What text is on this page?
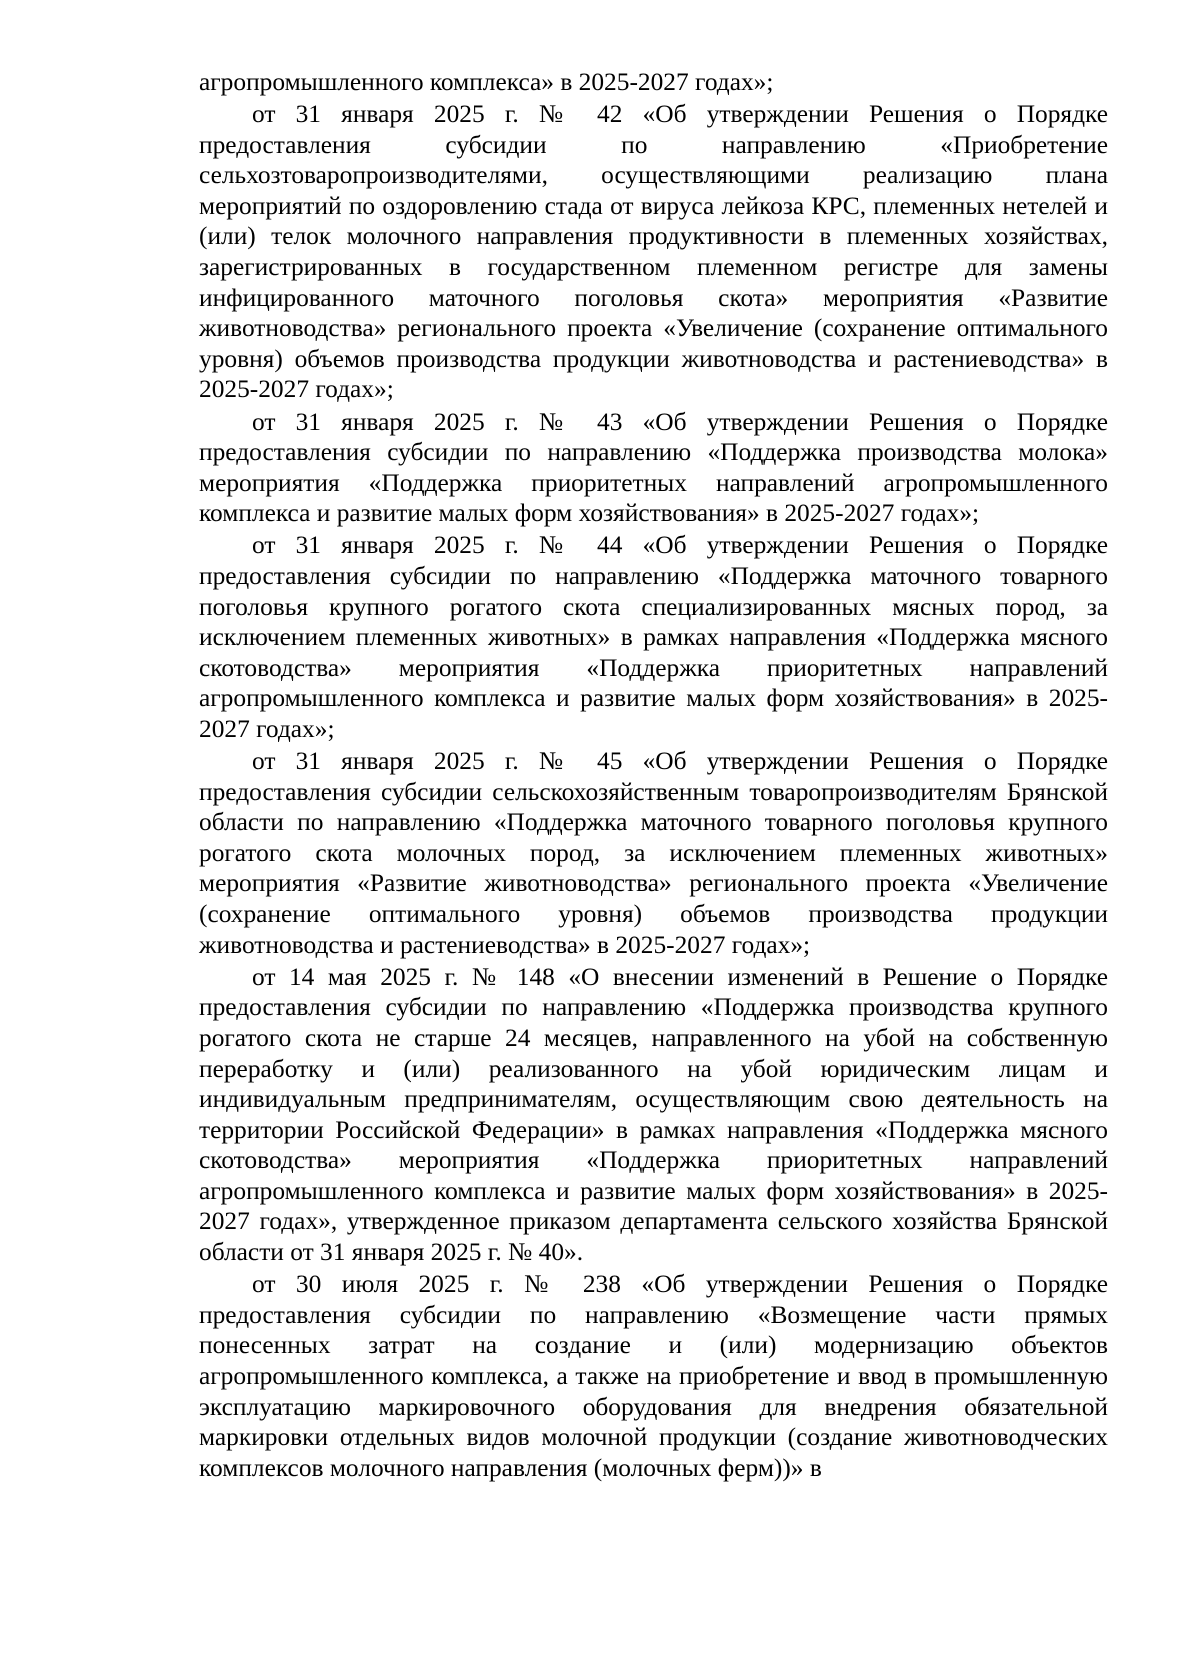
агропромышленного комплекса» в 2025-2027 годах»;

от 31 января 2025 г. № 42 «Об утверждении Решения о Порядке предоставления субсидии по направлению «Приобретение сельхозтоваропроизводителями, осуществляющими реализацию плана мероприятий по оздоровлению стада от вируса лейкоза КРС, племенных нетелей и (или) телок молочного направления продуктивности в племенных хозяйствах, зарегистрированных в государственном племенном регистре для замены инфицированного маточного поголовья скота» мероприятия «Развитие животноводства» регионального проекта «Увеличение (сохранение оптимального уровня) объемов производства продукции животноводства и растениеводства» в 2025-2027 годах»;

от 31 января 2025 г. № 43 «Об утверждении Решения о Порядке предоставления субсидии по направлению «Поддержка производства молока» мероприятия «Поддержка приоритетных направлений агропромышленного комплекса и развитие малых форм хозяйствования» в 2025-2027 годах»;

от 31 января 2025 г. № 44 «Об утверждении Решения о Порядке предоставления субсидии по направлению «Поддержка маточного товарного поголовья крупного рогатого скота специализированных мясных пород, за исключением племенных животных» в рамках направления «Поддержка мясного скотоводства» мероприятия «Поддержка приоритетных направлений агропромышленного комплекса и развитие малых форм хозяйствования» в 2025-2027 годах»;

от 31 января 2025 г. № 45 «Об утверждении Решения о Порядке предоставления субсидии сельскохозяйственным товаропроизводителям Брянской области по направлению «Поддержка маточного товарного поголовья крупного рогатого скота молочных пород, за исключением племенных животных» мероприятия «Развитие животноводства» регионального проекта «Увеличение (сохранение оптимального уровня) объемов производства продукции животноводства и растениеводства» в 2025-2027 годах»;

от 14 мая 2025 г. № 148 «О внесении изменений в Решение о Порядке предоставления субсидии по направлению «Поддержка производства крупного рогатого скота не старше 24 месяцев, направленного на убой на собственную переработку и (или) реализованного на убой юридическим лицам и индивидуальным предпринимателям, осуществляющим свою деятельность на территории Российской Федерации» в рамках направления «Поддержка мясного скотоводства» мероприятия «Поддержка приоритетных направлений агропромышленного комплекса и развитие малых форм хозяйствования» в 2025-2027 годах», утвержденное приказом департамента сельского хозяйства Брянской области от 31 января 2025 г. № 40».

от 30 июля 2025 г. № 238 «Об утверждении Решения о Порядке предоставления субсидии по направлению «Возмещение части прямых понесенных затрат на создание и (или) модернизацию объектов агропромышленного комплекса, а также на приобретение и ввод в промышленную эксплуатацию маркировочного оборудования для внедрения обязательной маркировки отдельных видов молочной продукции (создание животноводческих комплексов молочного направления (молочных ферм))» в
